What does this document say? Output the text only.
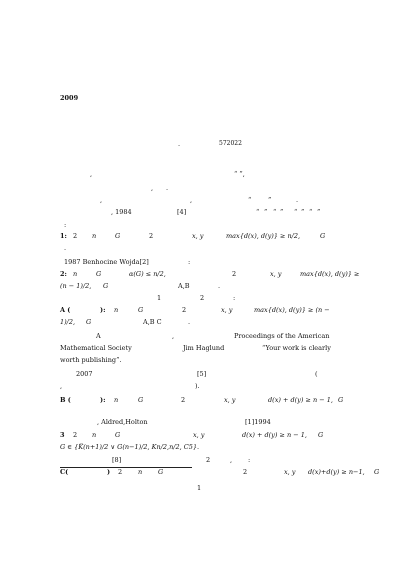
2009
.	572022
,	“ ”,
, .
,	,	“	”	.
, 1984	[4]	“ ” “ ” “ ” “ ”
:
1: 2 n	G	2	x, y	max{d(x), d(y)} ≥ n/2,	G
.
1987 Benhocine Wojda[2]	:
2: n	G	α(G) ≤ n/2,	2	x, y	max{d(x), d(y)} ≥
(n − 1)/2, G	A,B	.
1	2	:
A (	): n	G	2	x, y	max{d(x), d(y)} ≥ (n −
1)/2, G	A,B C	.
A	,	Proceedings of the American
Mathematical Society	Jim Haglund	“Your work is clearly
worth publishing”.
2007	[5]	(
,	).
B (	): n	G	2	x, y	d(x) + d(y) ≥ n − 1, G
, Aldred,Holton	[1]1994
3 2 n	G	x, y	d(x) + d(y) ≥ n − 1, G
G ∈ {K̅(n+1)/2 ∨ G(n−1)/2, Kn/2,n/2, C5}.
[8]	2	, :
C(	) 2 n G	2	x, y d(x)+d(y) ≥ n−1, G
1
